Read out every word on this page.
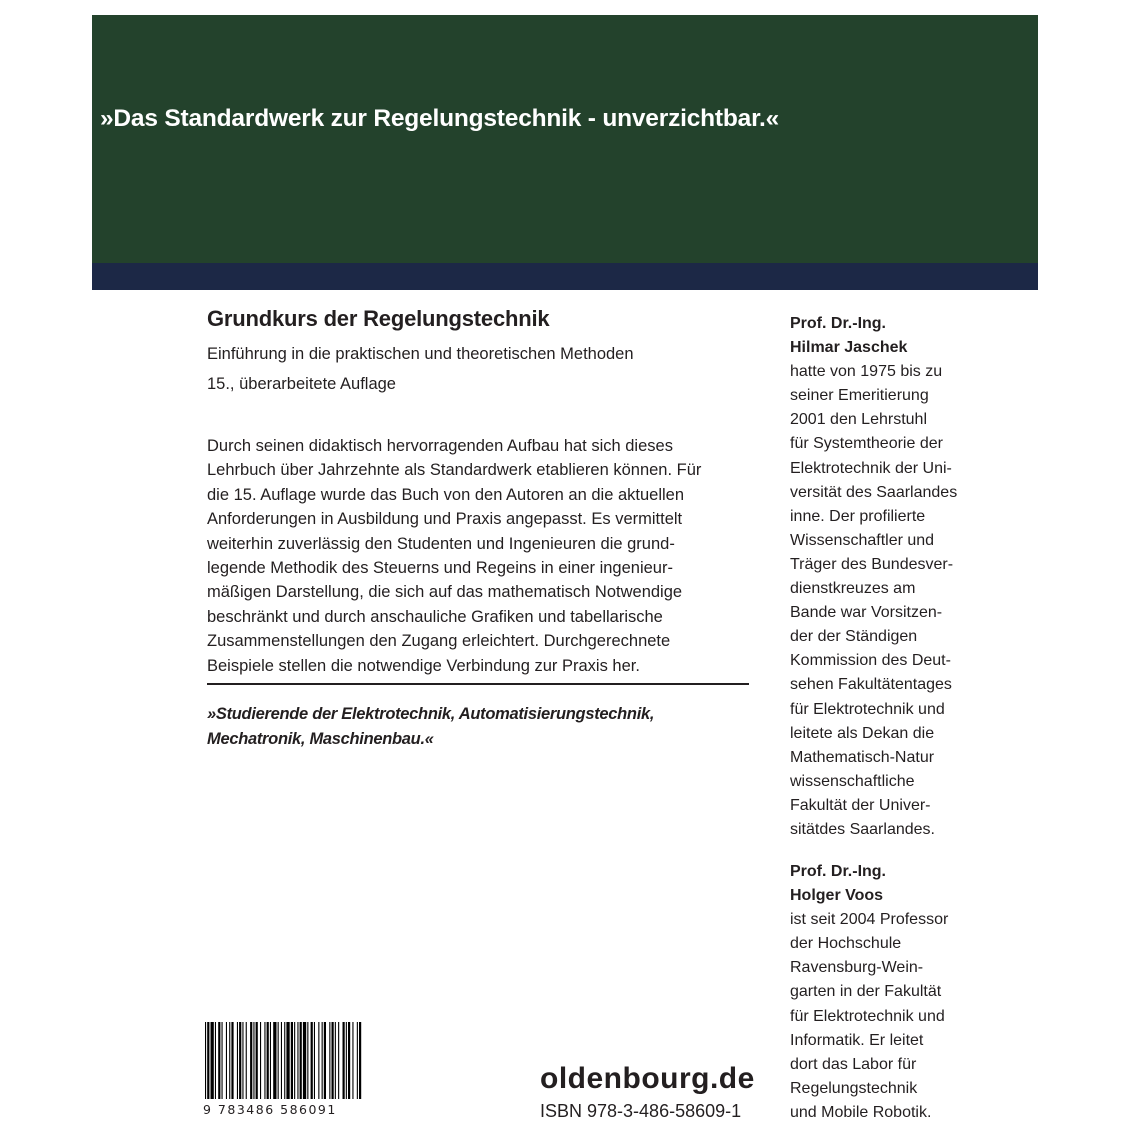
»Das Standardwerk zur Regelungstechnik - unverzichtbar.«
Grundkurs der Regelungstechnik
Einführung in die praktischen und theoretischen Methoden
15., überarbeitete Auflage
Durch seinen didaktisch hervorragenden Aufbau hat sich dieses
Lehrbuch über Jahrzehnte als Standardwerk etablieren können. Für
die 15. Auflage wurde das Buch von den Autoren an die aktuellen
Anforderungen in Ausbildung und Praxis angepasst. Es vermittelt
weiterhin zuverlässig den Studenten und Ingenieuren die grund-
legende Methodik des Steuerns und Regeins in einer ingenieur-
mäßigen Darstellung, die sich auf das mathematisch Notwendige
beschränkt und durch anschauliche Grafiken und tabellarische
Zusammenstellungen den Zugang erleichtert. Durchgerechnete
Beispiele stellen die notwendige Verbindung zur Praxis her.
»Studierende der Elektrotechnik, Automatisierungstechnik,
Mechatronik, Maschinenbau.«
Prof. Dr.-Ing.
Hilmar Jaschek
hatte von 1975 bis zu
seiner Emeritierung
2001 den Lehrstuhl
für Systemtheorie der
Elektrotechnik der Uni-
versität des Saarlandes
inne. Der profilierte
Wissenschaftler und
Träger des Bundesver-
dienstkreuzes am
Bande war Vorsitzen-
der der Ständigen
Kommission des Deut-
sehen Fakultätentages
für Elektrotechnik und
leitete als Dekan die
Mathematisch-Natur
wissenschaftliche
Fakultät der Univer-
sitätdes Saarlandes.
Prof. Dr.-Ing.
Holger Voos
ist seit 2004 Professor
der Hochschule
Ravensburg-Wein-
garten in der Fakultät
für Elektrotechnik und
Informatik. Er leitet
dort das Labor für
Regelungstechnik
und Mobile Robotik.
9 783486 586091
oldenbourg.de
ISBN 978-3-486-58609-1
